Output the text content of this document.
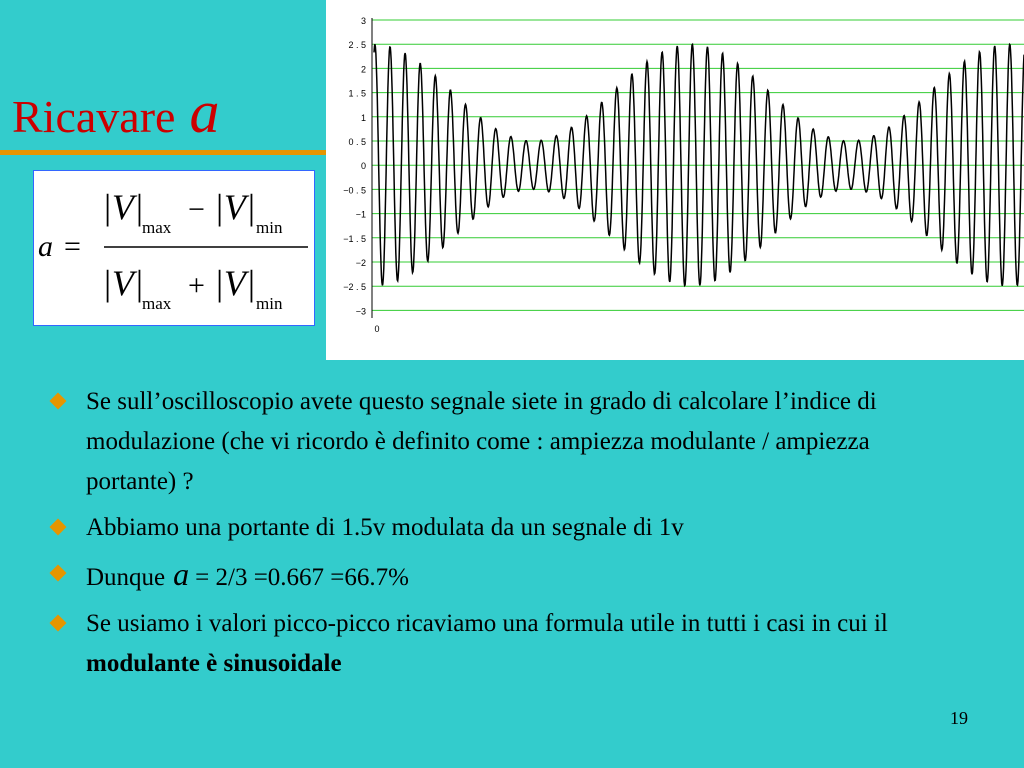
Ricavare a
a =
|V|
max
− |V|
min
|V|
max
+ |V|
min
3
2 . 5
2
1 . 5
1
0 . 5
0
−0 . 5
−1
−1 . 5
−2
−2 . 5
−3
0
Se sull’oscilloscopio avete questo segnale siete in grado di calcolare l’indice di modulazione (che vi ricordo è definito come : ampiezza modulante / ampiezza portante) ?
Abbiamo una portante di 1.5v modulata da un segnale di 1v
Dunque a = 2/3 =0.667 =66.7%
Se usiamo i valori picco-picco ricaviamo una formula utile in tutti i casi in cui il modulante è sinusoidale
19
